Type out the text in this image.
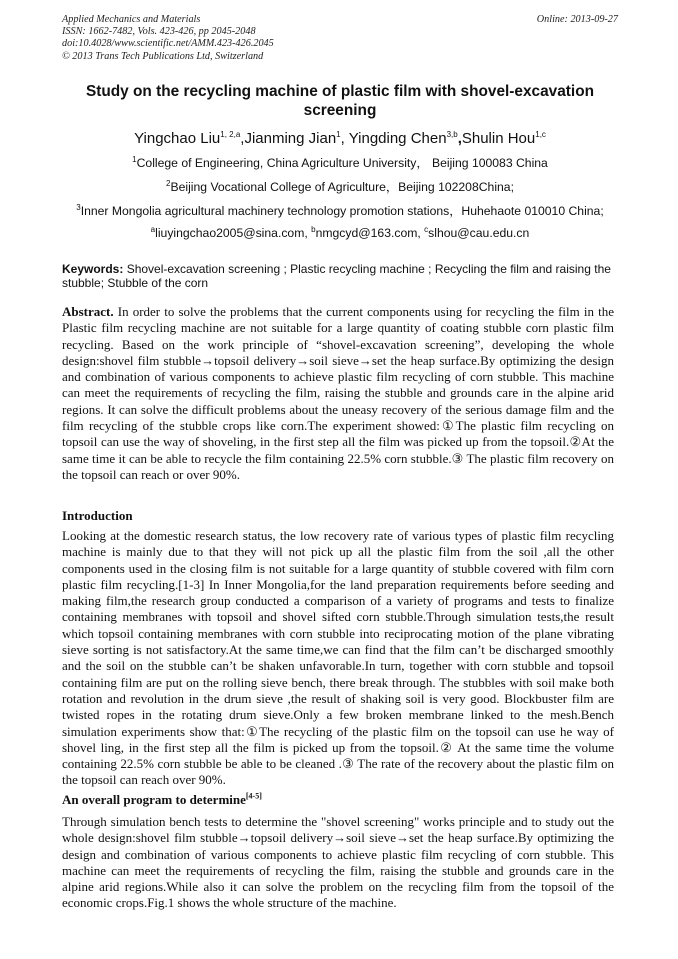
Applied Mechanics and Materials
ISSN: 1662-7482, Vols. 423-426, pp 2045-2048
doi:10.4028/www.scientific.net/AMM.423-426.2045
© 2013 Trans Tech Publications Ltd, Switzerland
Online: 2013-09-27
Study on the recycling machine of plastic film with shovel-excavation screening
Yingchao Liu$^{1, 2,a}$,Jianming Jian$^1$, Yingding Chen$^{3,b}$,Shulin Hou$^{1,c}$
$^1$College of Engineering, China Agriculture University， Beijing 100083 China
$^2$Beijing Vocational College of Agriculture，Beijing 102208China;
$^3$Inner Mongolia agricultural machinery technology promotion stations，Huhehaote 010010 China;
$^a$liuyingchao2005@sina.com, $^b$nmgcyd@163.com, $^c$slhou@cau.edu.cn
Keywords: Shovel-excavation screening ; Plastic recycling machine ; Recycling the film and raising the stubble; Stubble of the corn
Abstract. In order to solve the problems that the current components using for recycling the film in the Plastic film recycling machine are not suitable for a large quantity of coating stubble corn plastic film recycling. Based on the work principle of “shovel-excavation screening”, developing the whole design:shovel film stubble→topsoil delivery→soil sieve→set the heap surface.By optimizing the design and combination of various components to achieve plastic film recycling of corn stubble. This machine can meet the requirements of recycling the film, raising the stubble and grounds care in the alpine arid regions. It can solve the difficult problems about the uneasy recovery of the serious damage film and the film recycling of the stubble crops like corn.The experiment showed:①The plastic film recycling on topsoil can use the way of shoveling, in the first step all the film was picked up from the topsoil.②At the same time it can be able to recycle the film containing 22.5% corn stubble.③ The plastic film recovery on the topsoil can reach or over 90%.
Introduction
Looking at the domestic research status, the low recovery rate of various types of plastic film recycling machine is mainly due to that they will not pick up all the plastic film from the soil ,all the other components used in the closing film is not suitable for a large quantity of stubble covered with film corn plastic film recycling.[1-3] In Inner Mongolia,for the land preparation requirements before seeding and making film,the research group conducted a comparison of a variety of programs and tests to finalize containing membranes with topsoil and shovel sifted corn stubble.Through simulation tests,the result which topsoil containing membranes with corn stubble into reciprocating motion of the plane vibrating sieve sorting is not satisfactory.At the same time,we can find that the film can’t be discharged smoothly and the soil on the stubble can’t be shaken unfavorable.In turn, together with corn stubble and topsoil containing film are put on the rolling sieve bench, there break through. The stubbles with soil make both rotation and revolution in the drum sieve ,the result of shaking soil is very good. Blockbuster film are twisted ropes in the rotating drum sieve.Only a few broken membrane linked to the mesh.Bench simulation experiments show that:①The recycling of the plastic film on the topsoil can use he way of shovel ling, in the first step all the film is picked up from the topsoil.② At the same time the volume containing 22.5% corn stubble be able to be cleaned .③ The rate of the recovery about the plastic film on the topsoil can reach over 90%.
An overall program to determine[4-5]
Through simulation bench tests to determine the "shovel screening" works principle and to study out the whole design:shovel film stubble→topsoil delivery→soil sieve→set the heap surface.By optimizing the design and combination of various components to achieve plastic film recycling of corn stubble. This machine can meet the requirements of recycling the film, raising the stubble and grounds care in the alpine arid regions.While also it can solve the problem on the recycling film from the topsoil of the economic crops.Fig.1 shows the whole structure of the machine.
